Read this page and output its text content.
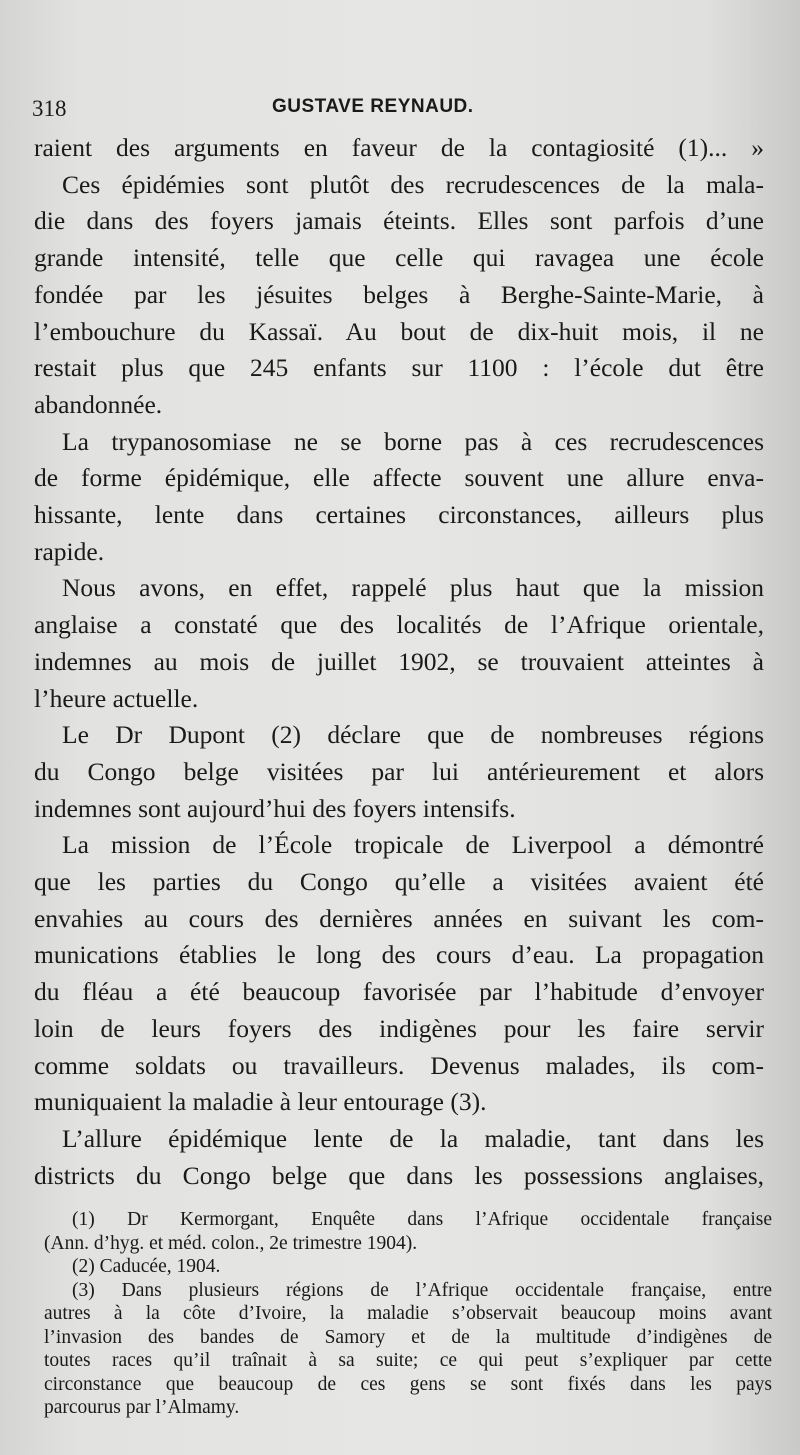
318	GUSTAVE REYNAUD.
raient des arguments en faveur de la contagiosité (1)... »
Ces épidémies sont plutôt des recrudescences de la mala-
die dans des foyers jamais éteints. Elles sont parfois d’une
grande intensité, telle que celle qui ravagea une école
fondée par les jésuites belges à Berghe-Sainte-Marie, à
l’embouchure du Kassaï. Au bout de dix-huit mois, il ne
restait plus que 245 enfants sur 1100 : l’école dut être
abandonnée.
La trypanosomiase ne se borne pas à ces recrudescences
de forme épidémique, elle affecte souvent une allure enva-
hissante, lente dans certaines circonstances, ailleurs plus
rapide.
Nous avons, en effet, rappelé plus haut que la mission
anglaise a constaté que des localités de l’Afrique orientale,
indemnes au mois de juillet 1902, se trouvaient atteintes à
l’heure actuelle.
Le Dr Dupont (2) déclare que de nombreuses régions
du Congo belge visitées par lui antérieurement et alors
indemnes sont aujourd’hui des foyers intensifs.
La mission de l’École tropicale de Liverpool a démontré
que les parties du Congo qu’elle a visitées avaient été
envahies au cours des dernières années en suivant les com-
munications établies le long des cours d’eau. La propagation
du fléau a été beaucoup favorisée par l’habitude d’envoyer
loin de leurs foyers des indigènes pour les faire servir
comme soldats ou travailleurs. Devenus malades, ils com-
muniquaient la maladie à leur entourage (3).
L’allure épidémique lente de la maladie, tant dans les
districts du Congo belge que dans les possessions anglaises,
(1) Dr Kermorgant, Enquête dans l’Afrique occidentale française
(Ann. d’hyg. et méd. colon., 2e trimestre 1904).
(2) Caducée, 1904.
(3) Dans plusieurs régions de l’Afrique occidentale française, entre
autres à la côte d’Ivoire, la maladie s’observait beaucoup moins avant
l’invasion des bandes de Samory et de la multitude d’indigènes de
toutes races qu’il traînait à sa suite; ce qui peut s’expliquer par cette
circonstance que beaucoup de ces gens se sont fixés dans les pays
parcourus par l’Almamy.
